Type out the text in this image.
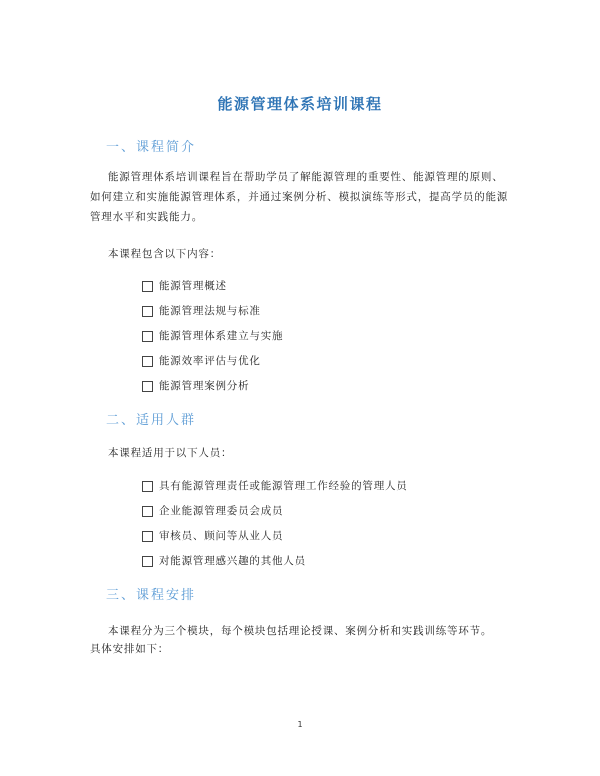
能源管理体系培训课程
一、课程简介
能源管理体系培训课程旨在帮助学员了解能源管理的重要性、能源管理的原则、如何建立和实施能源管理体系，并通过案例分析、模拟演练等形式，提高学员的能源管理水平和实践能力。
本课程包含以下内容：
能源管理概述
能源管理法规与标准
能源管理体系建立与实施
能源效率评估与优化
能源管理案例分析
二、适用人群
本课程适用于以下人员：
具有能源管理责任或能源管理工作经验的管理人员
企业能源管理委员会成员
审核员、顾问等从业人员
对能源管理感兴趣的其他人员
三、课程安排
本课程分为三个模块，每个模块包括理论授课、案例分析和实践训练等环节。
具体安排如下：
1
